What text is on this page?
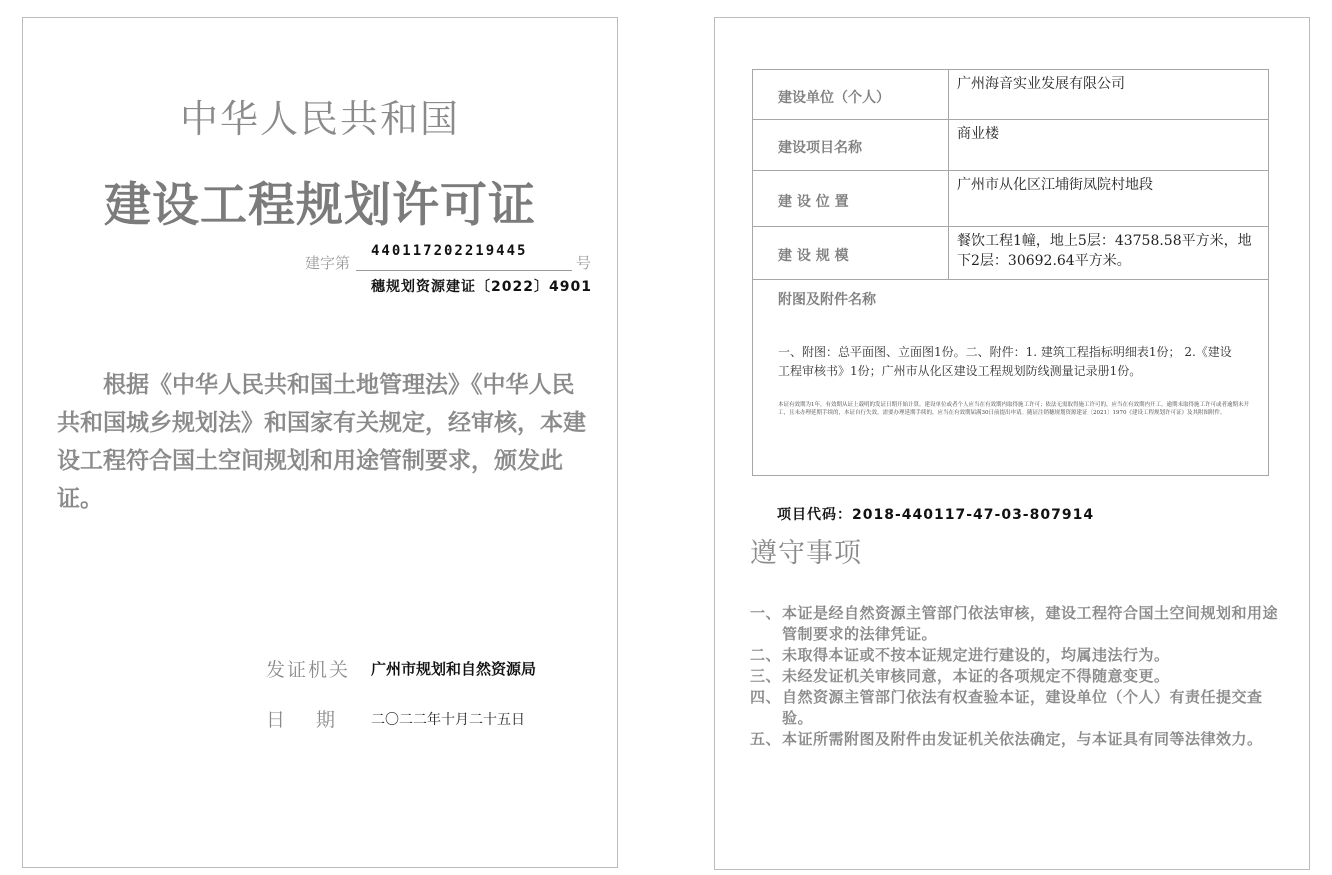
中华人民共和国
建设工程规划许可证
建字第
440117202219445
号
穗规划资源建证〔2022〕4901
根据《中华人民共和国土地管理法》《中华人民共和国城乡规划法》和国家有关规定，经审核，本建设工程符合国土空间规划和用途管制要求，颁发此证。
发证机关 广州市规划和自然资源局
日期 二〇二二年十月二十五日
建设单位（个人）	广州海音实业发展有限公司
建设项目名称	商业楼
建 设 位 置	广州市从化区江埔街凤院村地段
建 设 规 模	餐饮工程1幢，地上5层：43758.58平方米，地下2层：30692.64平方米。

附图及附件名称
一、附图：总平面图、立面图1份。二、附件：1. 建筑工程指标明细表1份； 2.《建设工程审核书》1份；广州市从化区建设工程规划防线测量记录册1份。
本证有效期为1年，有效期从证上载明的发证日期开始计算。建设单位或者个人应当在有效期内取得施工许可；依法无需取得施工许可的，应当在有效期内开工。逾期未取得施工许可或者逾期未开工，且未办理延期手续的，本证自行失效。需要办理延期手续的，应当在有效期届满30日前提出申请。随证注销穗规划资源建证〔2021〕1970《建设工程规划许可证》及其附图附件。	
项目代码：2018-440117-47-03-807914
遵守事项
一、本证是经自然资源主管部门依法审核，建设工程符合国土空间规划和用途管制要求的法律凭证。
二、未取得本证或不按本证规定进行建设的，均属违法行为。
三、未经发证机关审核同意，本证的各项规定不得随意变更。
四、自然资源主管部门依法有权查验本证，建设单位（个人）有责任提交查验。
五、本证所需附图及附件由发证机关依法确定，与本证具有同等法律效力。
